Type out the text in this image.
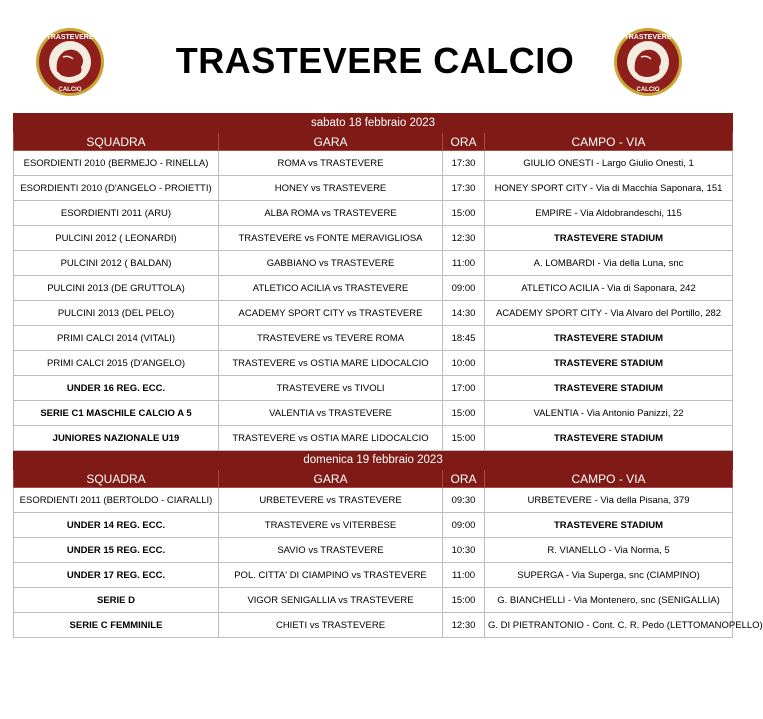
TRASTEVERE
CALCIO
TRASTEVERE CALCIO
TRASTEVERE
CALCIO
sabato 18 febbraio 2023			
SQUADRA	GARA	ORA	CAMPO - VIA
ESORDIENTI 2010 (BERMEJO - RINELLA)	ROMA vs TRASTEVERE	17:30	GIULIO ONESTI - Largo Giulio Onesti, 1
ESORDIENTI 2010 (D'ANGELO - PROIETTI)	HONEY vs TRASTEVERE	17:30	HONEY SPORT CITY - Via di Macchia Saponara, 151
ESORDIENTI 2011 (ARU)	ALBA ROMA vs TRASTEVERE	15:00	EMPIRE - Via Aldobrandeschi, 115
PULCINI 2012 ( LEONARDI)	TRASTEVERE vs FONTE MERAVIGLIOSA	12:30	TRASTEVERE STADIUM
PULCINI 2012 ( BALDAN)	GABBIANO vs TRASTEVERE	11:00	A. LOMBARDI - Via della Luna, snc
PULCINI 2013 (DE GRUTTOLA)	ATLETICO ACILIA vs TRASTEVERE	09:00	ATLETICO ACILIA - Via di Saponara, 242
PULCINI 2013 (DEL PELO)	ACADEMY SPORT CITY vs TRASTEVERE	14:30	ACADEMY SPORT CITY - Via Alvaro del Portillo, 282
PRIMI CALCI 2014 (VITALI)	TRASTEVERE vs TEVERE ROMA	18:45	TRASTEVERE STADIUM
PRIMI CALCI 2015 (D'ANGELO)	TRASTEVERE vs OSTIA MARE LIDOCALCIO	10:00	TRASTEVERE STADIUM
UNDER 16 REG. ECC.	TRASTEVERE vs TIVOLI	17:00	TRASTEVERE STADIUM
SERIE C1 MASCHILE CALCIO A 5	VALENTIA vs TRASTEVERE	15:00	VALENTIA - Via Antonio Panizzi, 22
JUNIORES NAZIONALE U19	TRASTEVERE vs OSTIA MARE LIDOCALCIO	15:00	TRASTEVERE STADIUM
domenica 19 febbraio 2023			
SQUADRA	GARA	ORA	CAMPO - VIA
ESORDIENTI 2011 (BERTOLDO - CIARALLI)	URBETEVERE vs TRASTEVERE	09:30	URBETEVERE - Via della Pisana, 379
UNDER 14 REG. ECC.	TRASTEVERE vs VITERBESE	09:00	TRASTEVERE STADIUM
UNDER 15 REG. ECC.	SAVIO vs TRASTEVERE	10:30	R. VIANELLO - Via Norma, 5
UNDER 17 REG. ECC.	POL. CITTA' DI CIAMPINO vs TRASTEVERE	11:00	SUPERGA - Via Superga, snc (CIAMPINO)
SERIE D	VIGOR SENIGALLIA vs TRASTEVERE	15:00	G. BIANCHELLI - Via Montenero, snc (SENIGALLIA)
SERIE C FEMMINILE	CHIETI vs TRASTEVERE	12:30	G. DI PIETRANTONIO - Cont. C. R. Pedo (LETTOMANOPELLO)
